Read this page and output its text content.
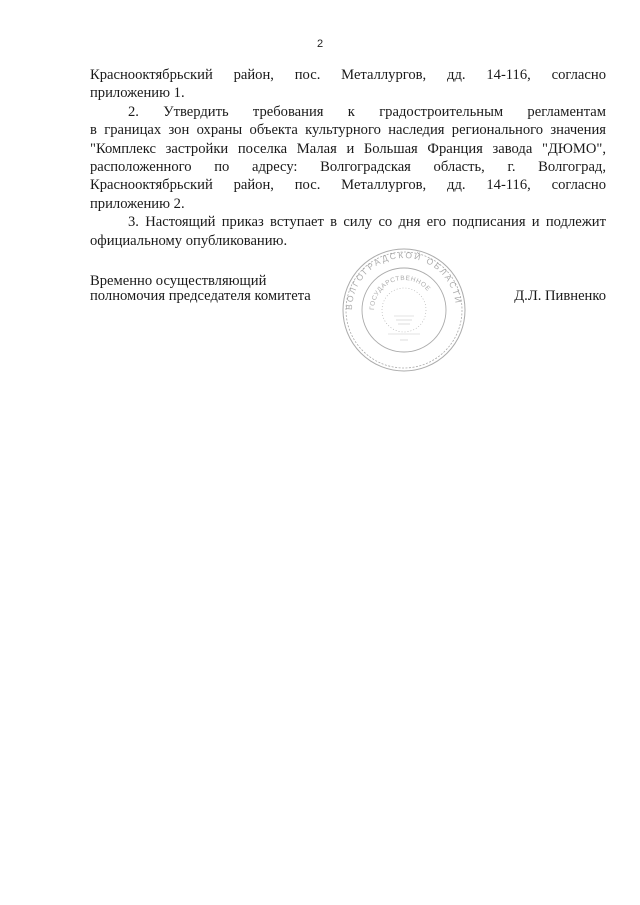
2

Краснооктябрьский район, пос. Металлургов, дд. 14-116, согласно
приложению 1.

2. Утвердить требования к градостроительным регламентам
в границах зон охраны объекта культурного наследия регионального значения
"Комплекс застройки поселка Малая и Большая Франция завода "ДЮМО",
расположенного по адресу: Волгоградская область, г. Волгоград,
Краснооктябрьский район, пос. Металлургов, дд. 14-116, согласно
приложению 2.

3. Настоящий приказ вступает в силу со дня его подписания и подлежит
официальному опубликованию.

Временно осуществляющий
полномочия председателя комитета	Д.Л. Пивненко
ВОЛГОГРАДСКОЙ ОБЛАСТИ
ГОСУДАРСТВЕННОЕ
